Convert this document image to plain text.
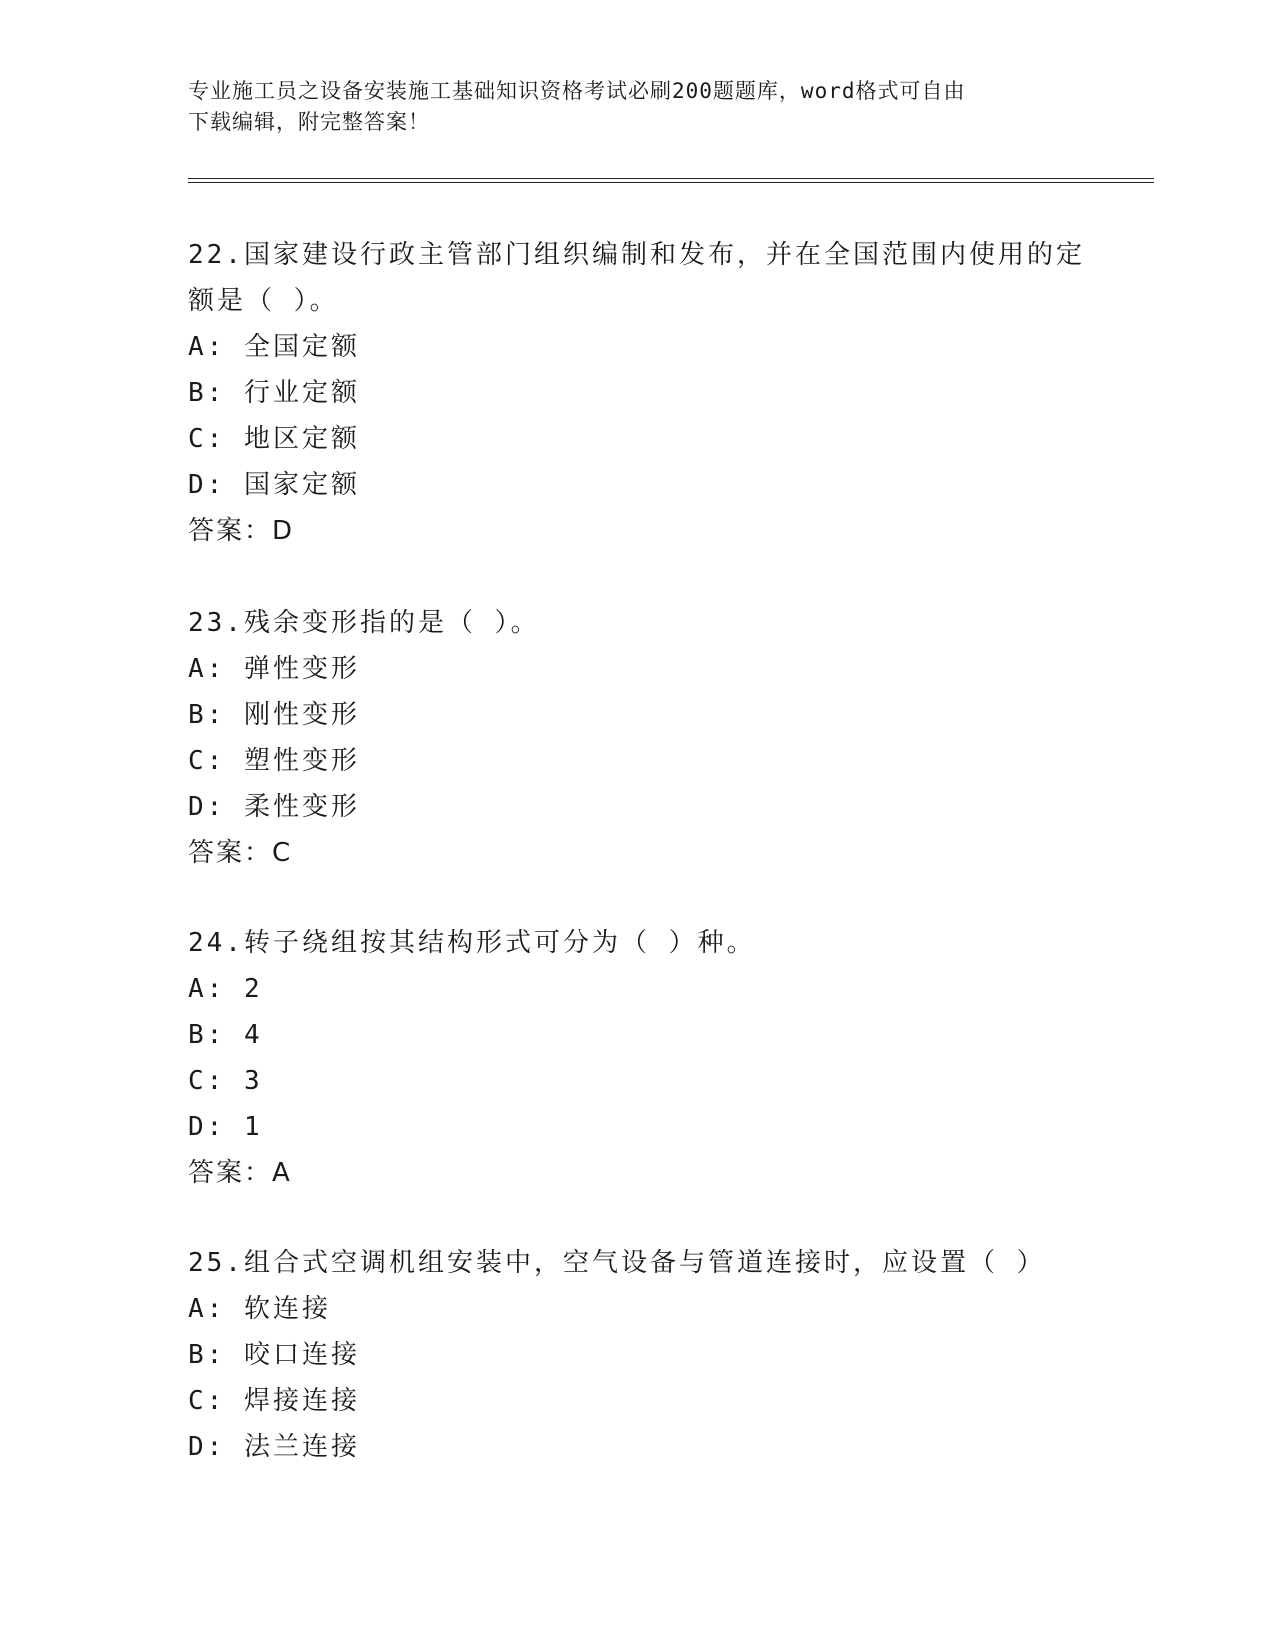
专业施工员之设备安装施工基础知识资格考试必刷200题题库，word格式可自由
下载编辑，附完整答案！
22.国家建设行政主管部门组织编制和发布，并在全国范围内使用的定
额是（ ）。
A: 全国定额
B: 行业定额
C: 地区定额
D: 国家定额
答案：D
23.残余变形指的是（ ）。
A: 弹性变形
B: 刚性变形
C: 塑性变形
D: 柔性变形
答案：C
24.转子绕组按其结构形式可分为（ ）种。
A: 2
B: 4
C: 3
D: 1
答案：A
25.组合式空调机组安装中，空气设备与管道连接时，应设置（ ）
A: 软连接
B: 咬口连接
C: 焊接连接
D: 法兰连接
